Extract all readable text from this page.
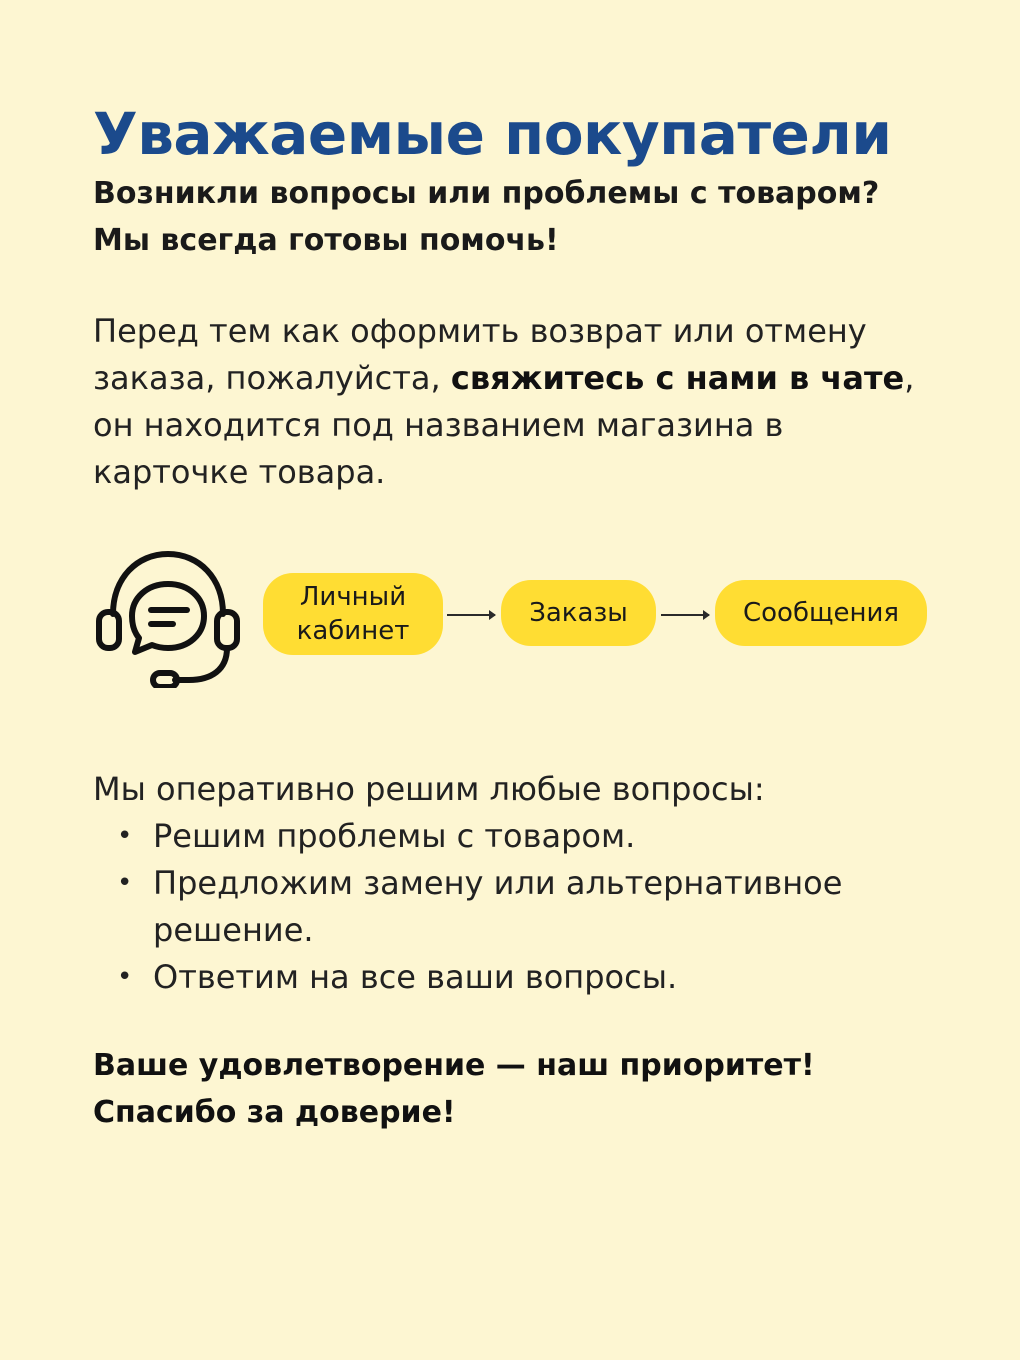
Уважаемые покупатели
Возникли вопросы или проблемы с товаром?
Мы всегда готовы помочь!
Перед тем как оформить возврат или отмену
заказа, пожалуйста, свяжитесь с нами в чате,
он находится под названием магазина в
карточке товара.
Личный
кабинет
Заказы	Сообщения

Мы оперативно решим любые вопросы:

• Решим проблемы с товаром.
• Предложим замену или альтернативное
решение.
• Ответим на все ваши вопросы.
Ваше удовлетворение — наш приоритет!
Спасибо за доверие!
